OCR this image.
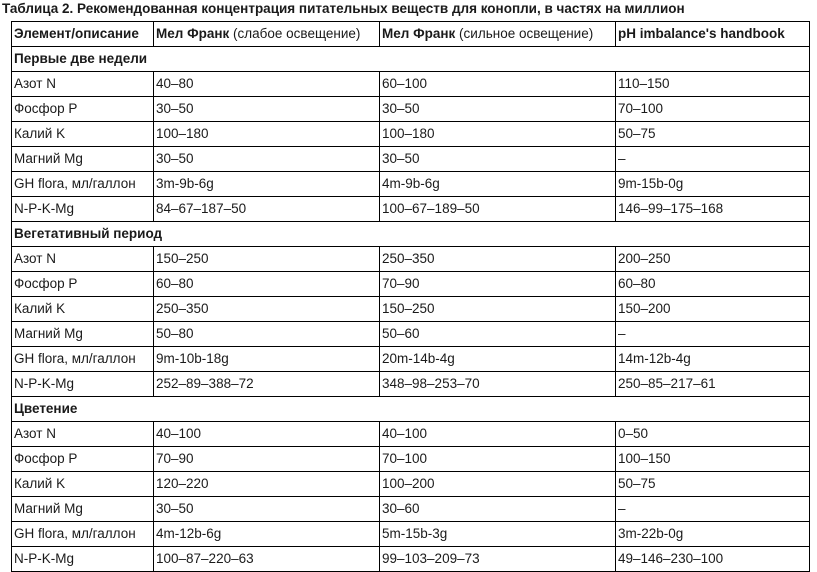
Таблица 2. Рекомендованная концентрация питательных веществ для конопли, в частях на миллион
Элемент/описание	Мел Франк (слабое освещение)	Мел Франк (сильное освещение)	pH imbalance's handbook
Первые две недели			
Азот N	40–80	60–100	110–150
Фосфор P	30–50	30–50	70–100
Калий K	100–180	100–180	50–75
Магний Mg	30–50	30–50	–
GH flora, мл/галлон	3m-9b-6g	4m-9b-6g	9m-15b-0g
N-P-K-Mg	84–67–187–50	100–67–189–50	146–99–175–168
Вегетативный период			
Азот N	150–250	250–350	200–250
Фосфор P	60–80	70–90	60–80
Калий K	250–350	150–250	150–200
Магний Mg	50–80	50–60	–
GH flora, мл/галлон	9m-10b-18g	20m-14b-4g	14m-12b-4g
N-P-K-Mg	252–89–388–72	348–98–253–70	250–85–217–61
Цветение			
Азот N	40–100	40–100	0–50
Фосфор P	70–90	70–100	100–150
Калий K	120–220	100–200	50–75
Магний Mg	30–50	30–60	–
GH flora, мл/галлон	4m-12b-6g	5m-15b-3g	3m-22b-0g
N-P-K-Mg	100–87–220–63	99–103–209–73	49–146–230–100
